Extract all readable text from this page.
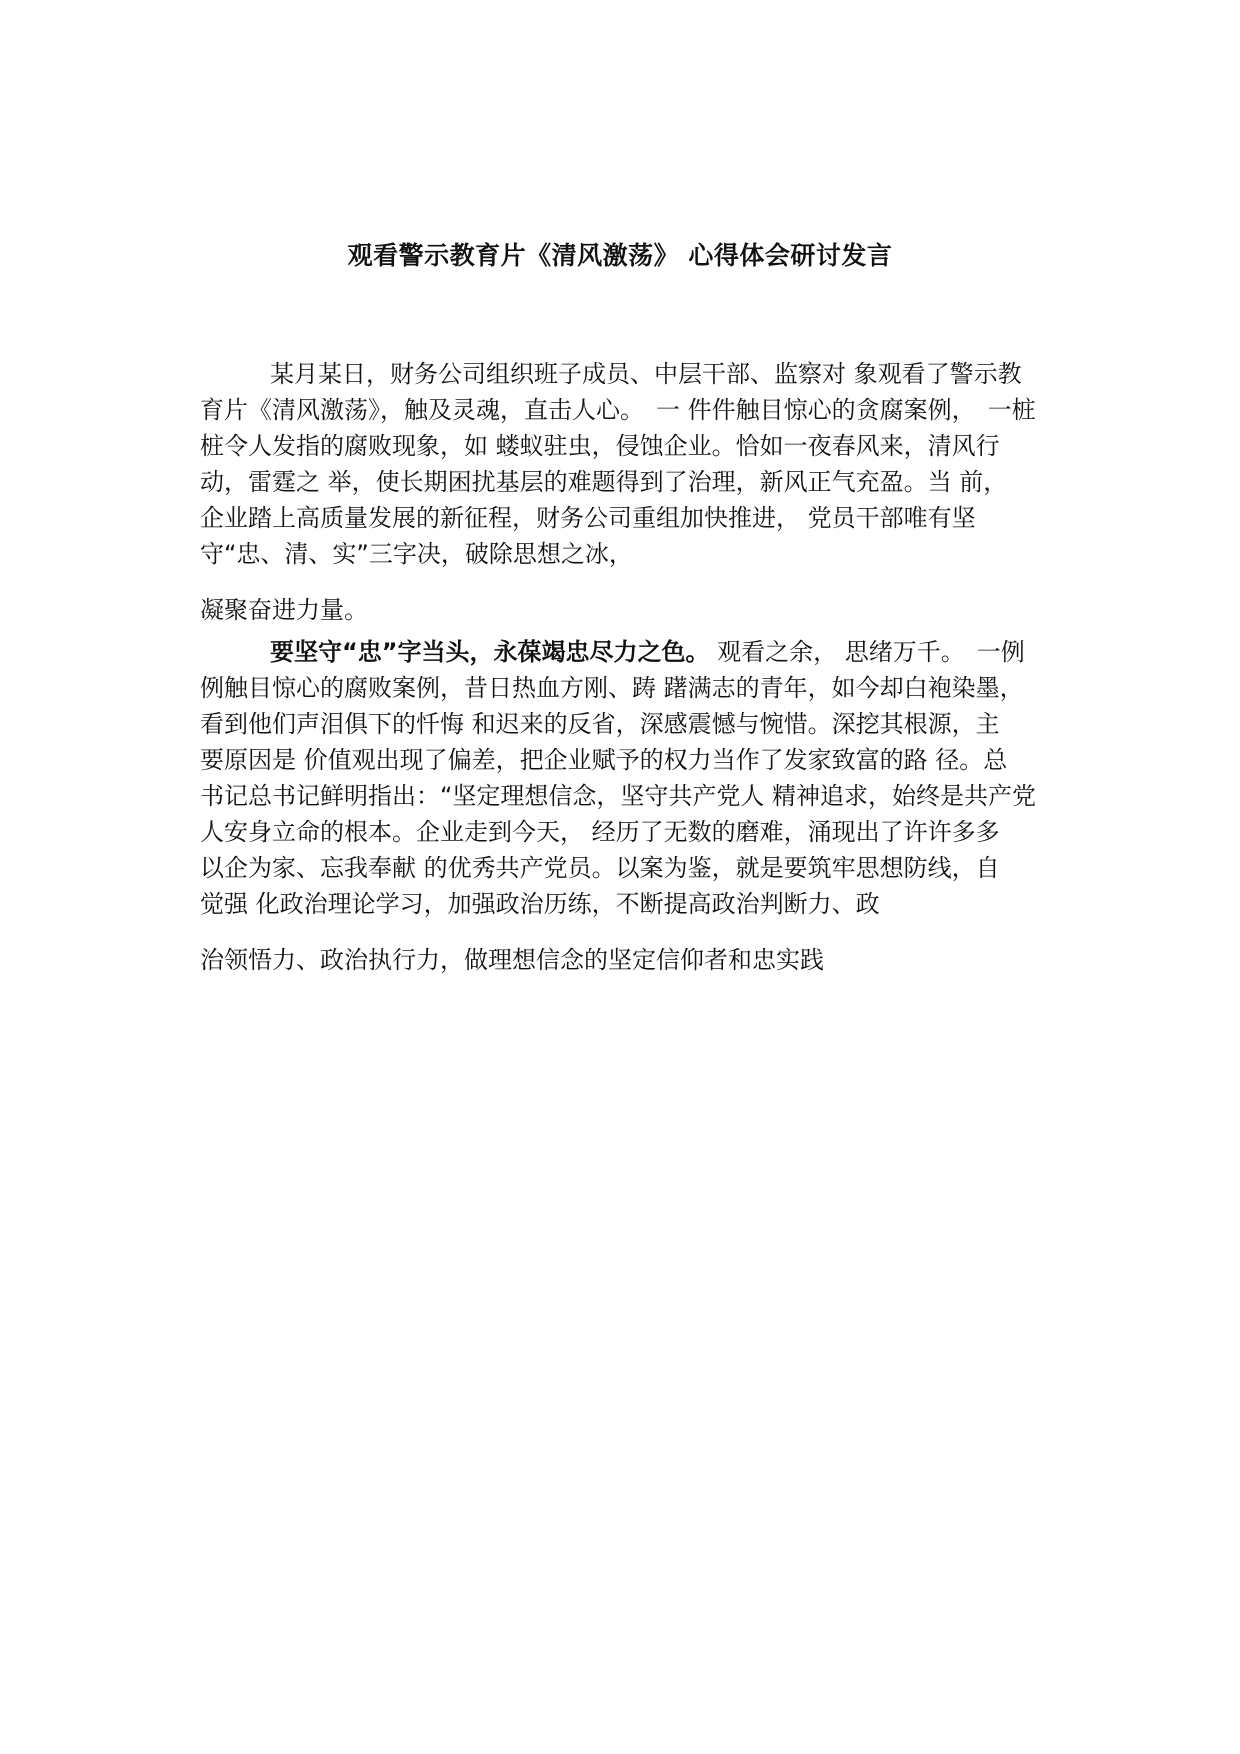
观看警示教育片《清风激荡》 心得体会研讨发言
某月某日，财务公司组织班子成员、中层干部、监察对 象观看了警示教
育片《清风激荡》，触及灵魂，直击人心。　一 件件触目惊心的贪腐案例，　一桩
桩令人发指的腐败现象，如 蝼蚁驻虫，侵蚀企业。恰如一夜春风来，清风行
动，雷霆之 举，使长期困扰基层的难题得到了治理，新风正气充盈。当 前，
企业踏上高质量发展的新征程，财务公司重组加快推进， 党员干部唯有坚
守“忠、清、实”三字决，破除思想之冰，
凝聚奋进力量。
要坚守“忠”字当头，永葆竭忠尽力之色。 观看之余， 思绪万千。　一例
例触目惊心的腐败案例，昔日热血方刚、踌 躇满志的青年，如今却白袍染墨，
看到他们声泪俱下的忏悔 和迟来的反省，深感震憾与惋惜。深挖其根源，主
要原因是 价值观出现了偏差，把企业赋予的权力当作了发家致富的路 径。总
书记总书记鲜明指出：“坚定理想信念，坚守共产党人 精神追求，始终是共产党
人安身立命的根本。企业走到今天， 经历了无数的磨难，涌现出了许许多多
以企为家、忘我奉献 的优秀共产党员。以案为鉴，就是要筑牢思想防线，自
觉强 化政治理论学习，加强政治历练，不断提高政治判断力、政
治领悟力、政治执行力，做理想信念的坚定信仰者和忠实践
